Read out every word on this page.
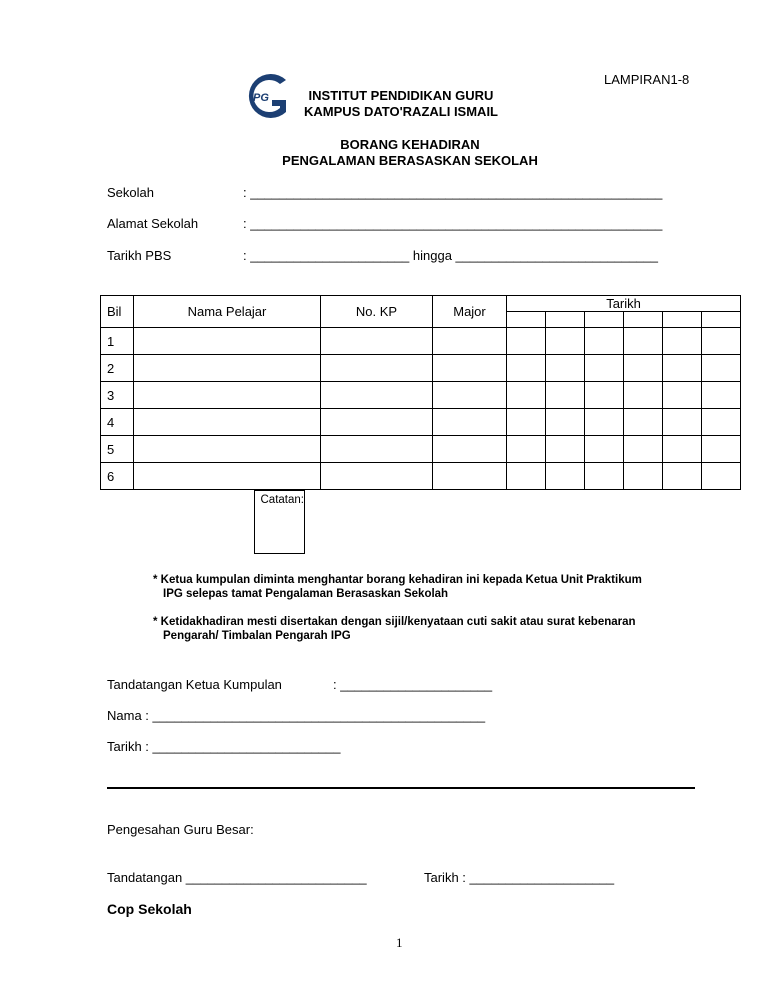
LAMPIRAN1-8
IPG	INSTITUT PENDIDIKAN GURU
KAMPUS DATO'RAZALI ISMAIL
BORANG KEHADIRAN
PENGALAMAN BERASASKAN SEKOLAH
Sekolah	: _________________________________________________________
Alamat Sekolah	: _________________________________________________________
Tarikh PBS	: ______________________ hingga ____________________________
Bil	Nama Pelajar	No. KP	Major	Tarikh

1									
2									
3									
4									
5									
6									

Catatan:
* Ketua kumpulan diminta menghantar borang kehadiran ini kepada Ketua Unit Praktikum
IPG selepas tamat Pengalaman Berasaskan Sekolah
* Ketidakhadiran mesti disertakan dengan sijil/kenyataan cuti sakit atau surat kebenaran
Pengarah/ Timbalan Pengarah IPG
Tandatangan Ketua Kumpulan	: _____________________
Nama : ______________________________________________
Tarikh : __________________________
Pengesahan Guru Besar:
Tandatangan _________________________	Tarikh : ____________________
Cop Sekolah
1
